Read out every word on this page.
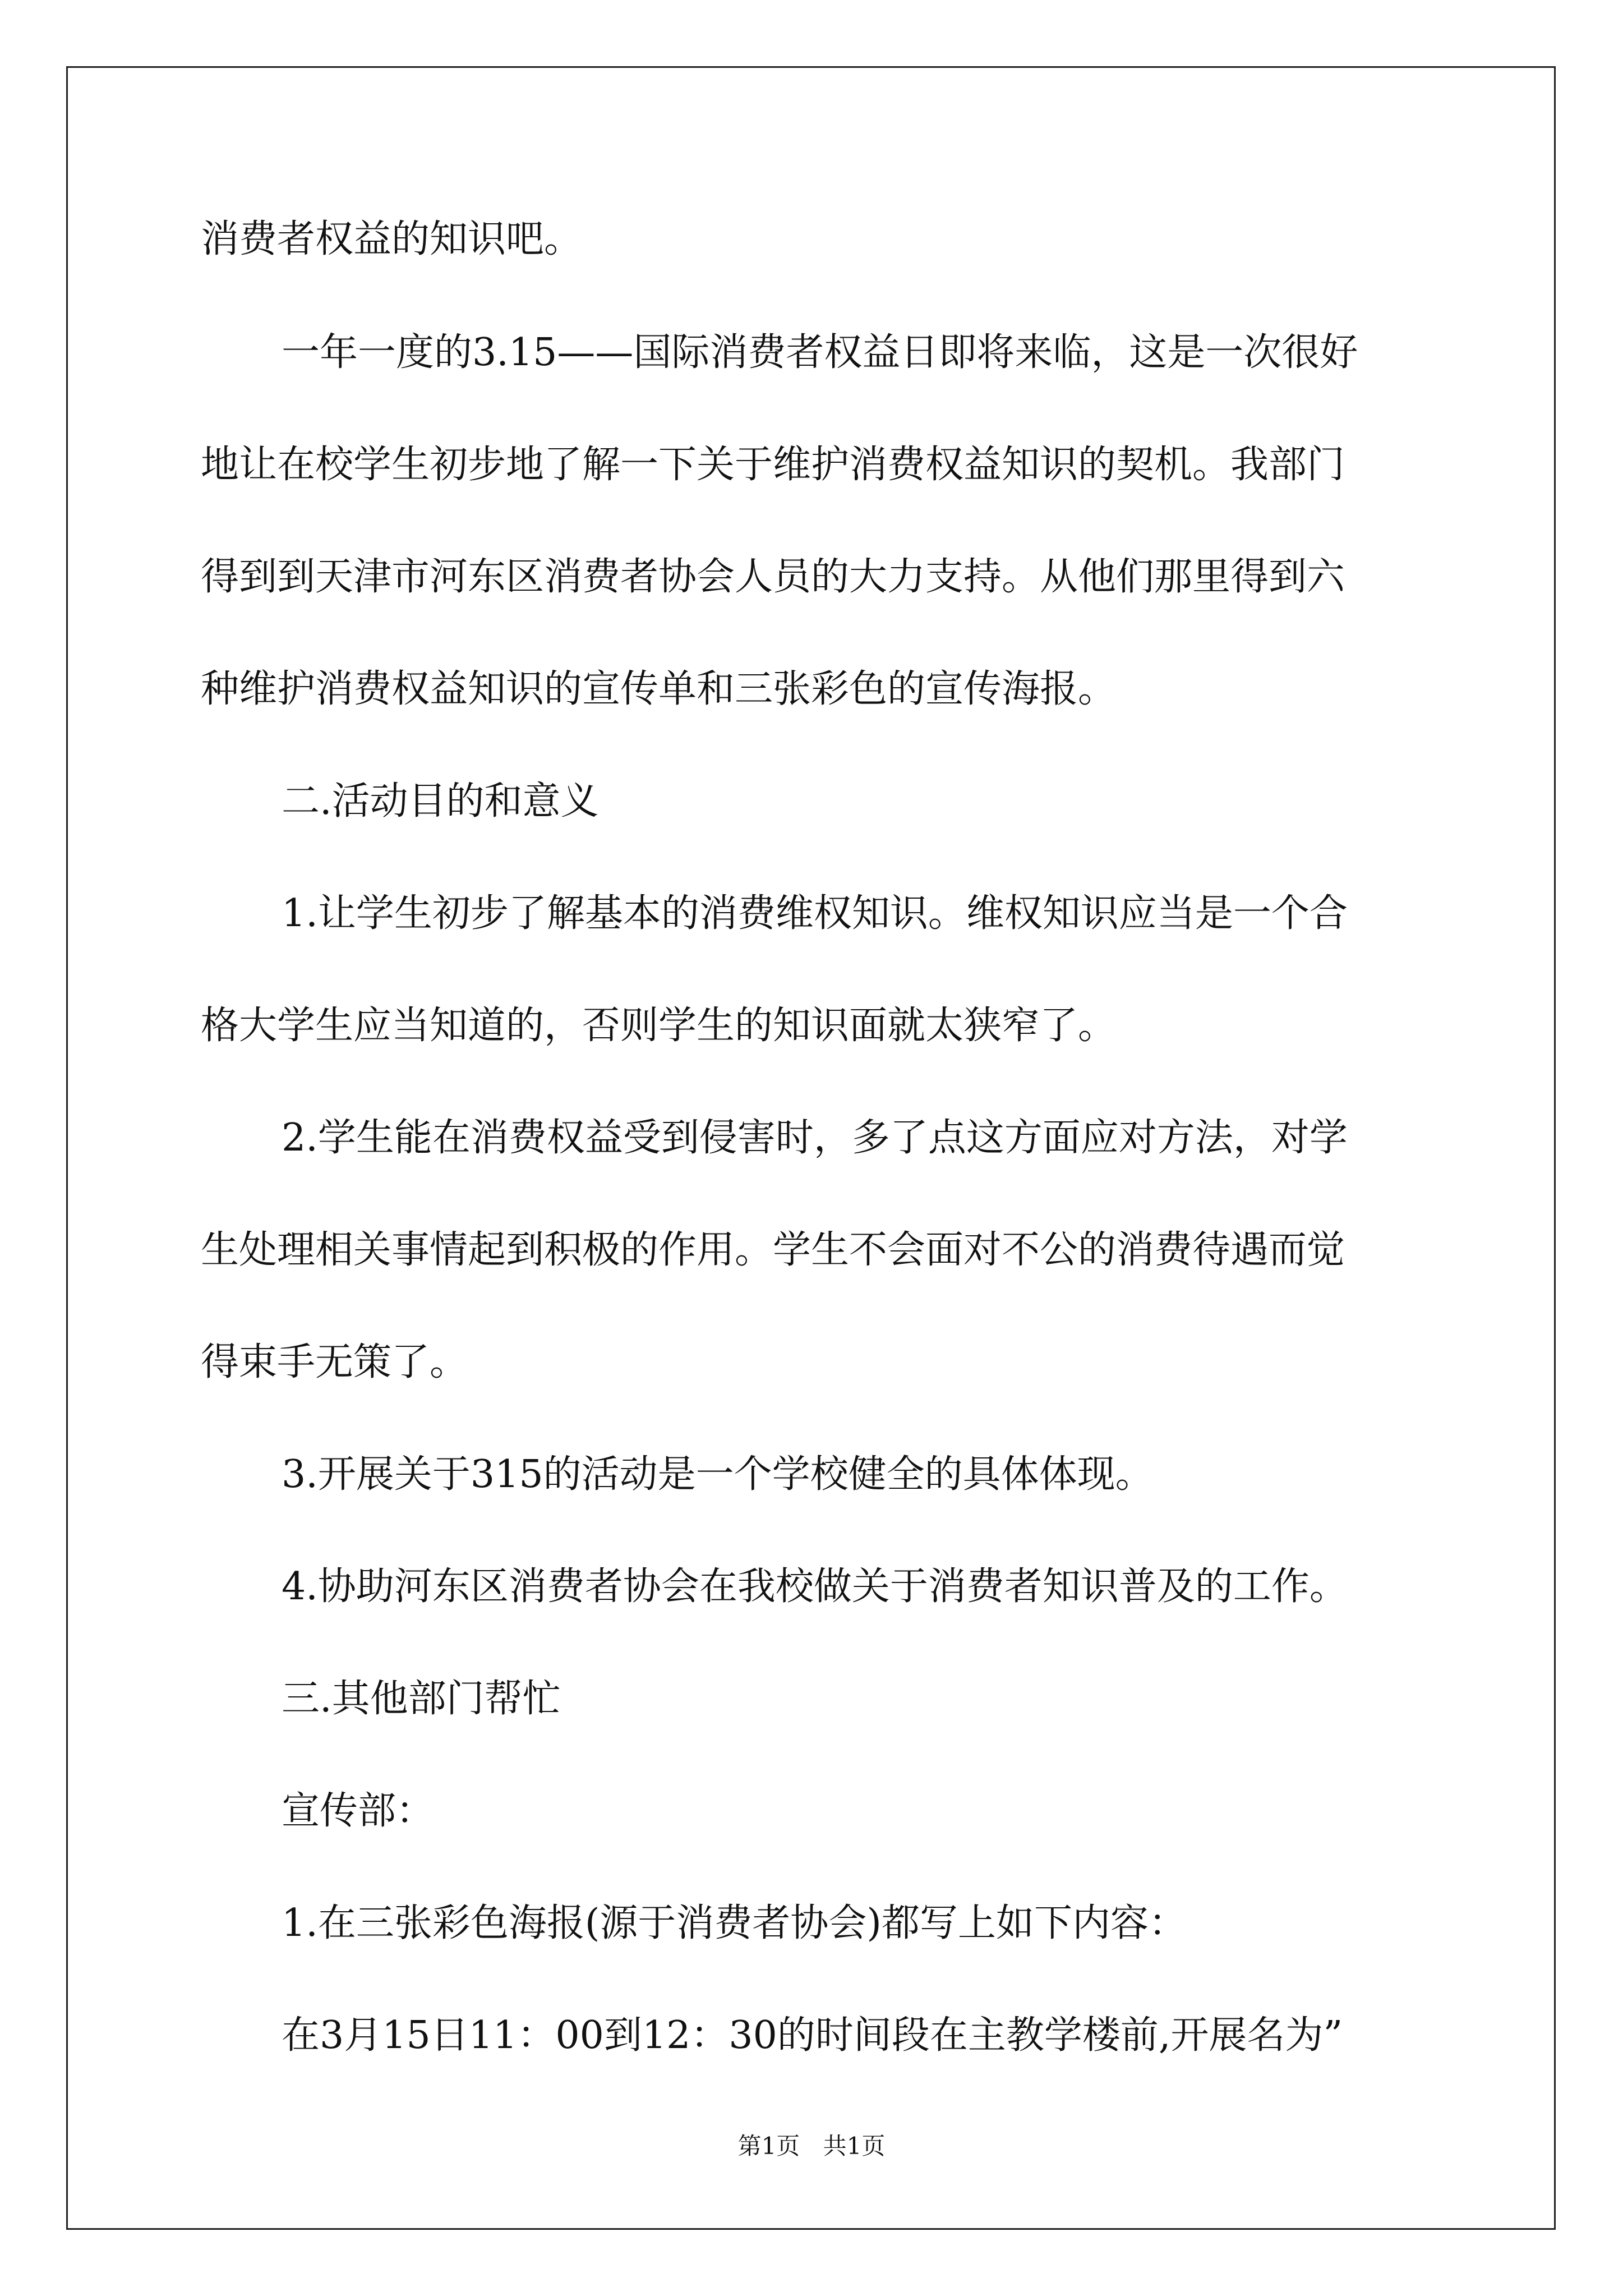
消费者权益的知识吧。
一年一度的3.15——国际消费者权益日即将来临，这是一次很好
地让在校学生初步地了解一下关于维护消费权益知识的契机。我部门
得到到天津市河东区消费者协会人员的大力支持。从他们那里得到六
种维护消费权益知识的宣传单和三张彩色的宣传海报。
二.活动目的和意义
1.让学生初步了解基本的消费维权知识。维权知识应当是一个合
格大学生应当知道的，否则学生的知识面就太狭窄了。
2.学生能在消费权益受到侵害时，多了点这方面应对方法，对学
生处理相关事情起到积极的作用。学生不会面对不公的消费待遇而觉
得束手无策了。
3.开展关于315的活动是一个学校健全的具体体现。
4.协助河东区消费者协会在我校做关于消费者知识普及的工作。
三.其他部门帮忙
宣传部：
1.在三张彩色海报(源于消费者协会)都写上如下内容：
在3月15日11：00到12：30的时间段在主教学楼前,开展名为”
第1页 共1页
